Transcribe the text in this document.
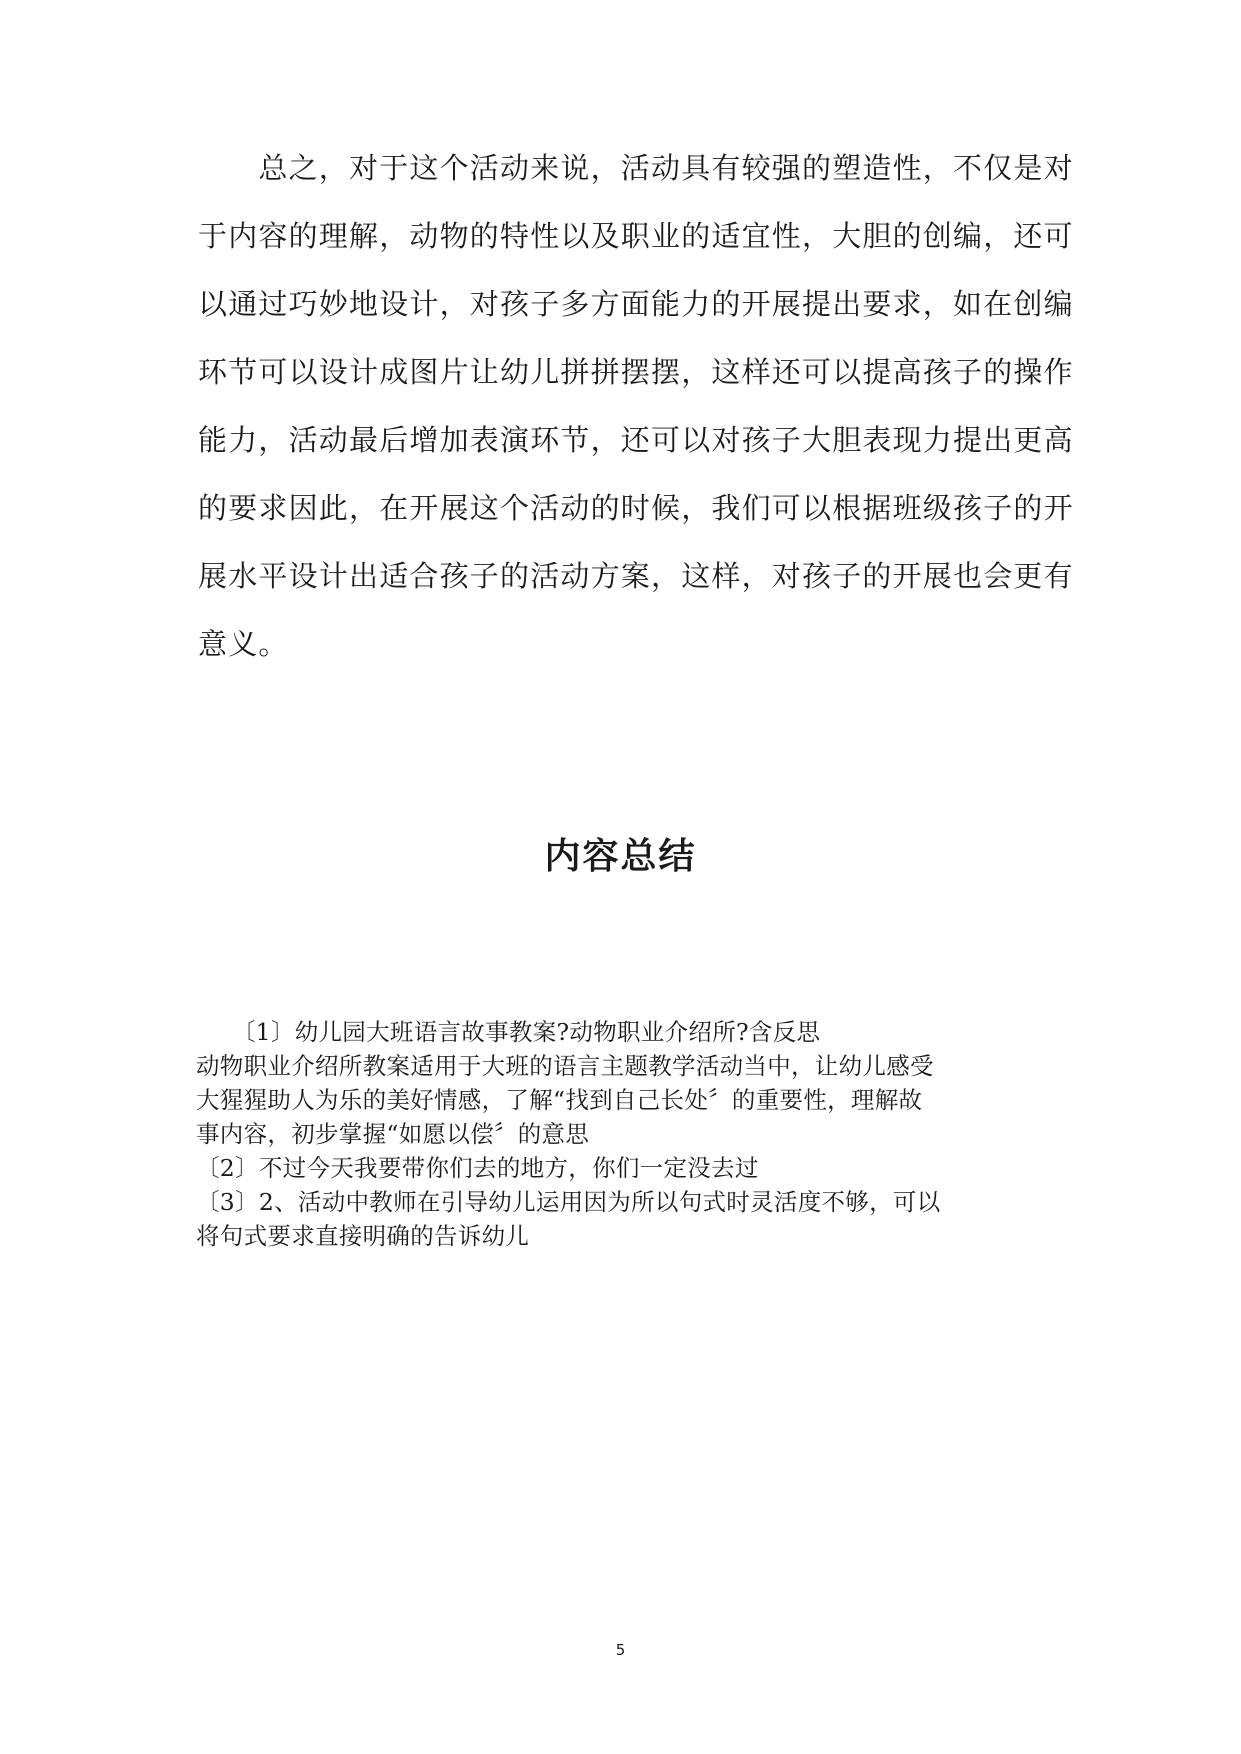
　　总之，对于这个活动来说，活动具有较强的塑造性，不仅是对
于内容的理解，动物的特性以及职业的适宜性，大胆的创编，还可
以通过巧妙地设计，对孩子多方面能力的开展提出要求，如在创编
环节可以设计成图片让幼儿拼拼摆摆，这样还可以提高孩子的操作
能力，活动最后增加表演环节，还可以对孩子大胆表现力提出更高
的要求因此，在开展这个活动的时候，我们可以根据班级孩子的开
展水平设计出适合孩子的活动方案，这样，对孩子的开展也会更有
意义。
内容总结
　　〔1〕幼儿园大班语言故事教案?动物职业介绍所?含反思
动物职业介绍所教案适用于大班的语言主题教学活动当中，让幼儿感受
大猩猩助人为乐的美好情感，了解“找到自己长处〞的重要性，理解故
事内容，初步掌握“如愿以偿〞的意思
〔2〕不过今天我要带你们去的地方，你们一定没去过
〔3〕2、活动中教师在引导幼儿运用因为所以句式时灵活度不够，可以
将句式要求直接明确的告诉幼儿
5
